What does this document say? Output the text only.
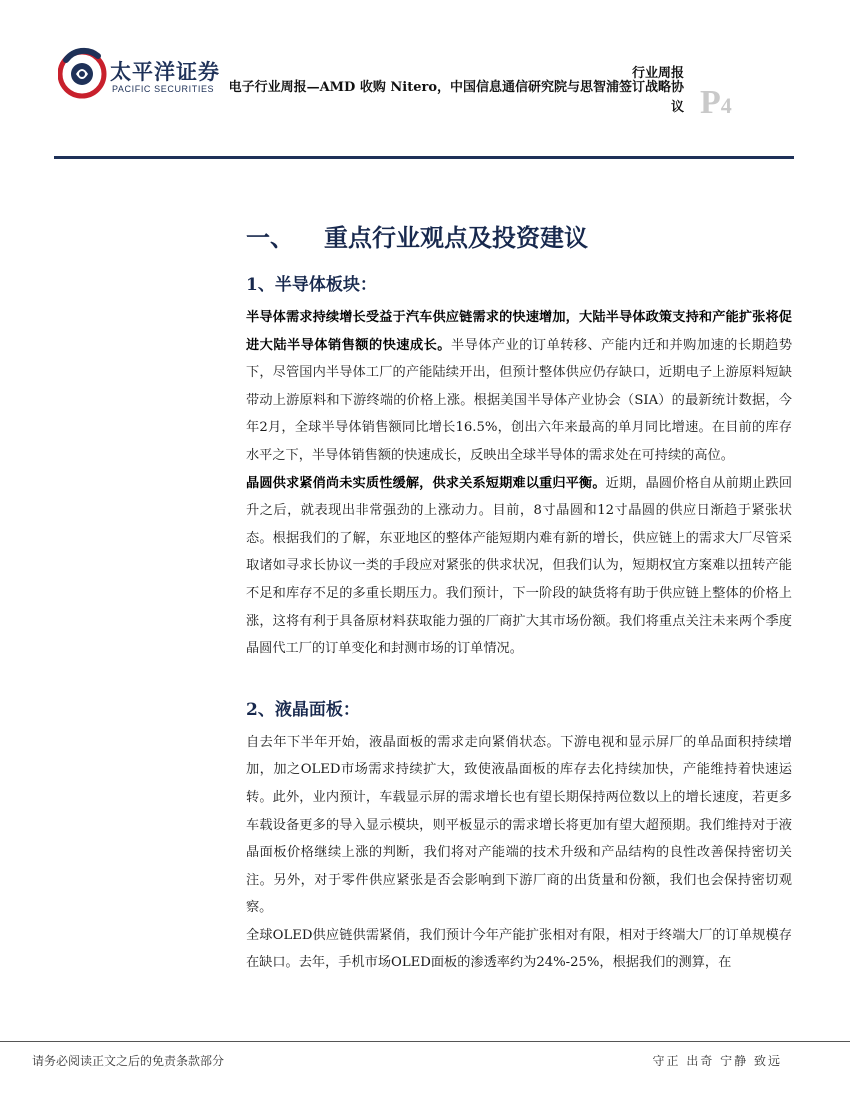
太平洋证券
PACIFIC SECURITIES
行业周报
电子行业周报—AMD 收购 Nitero，中国信息通信研究院与思智浦签订战略协议 P4
一、 重点行业观点及投资建议
1、半导体板块：

半导体需求持续增长受益于汽车供应链需求的快速增加，大陆半导体政策支持和产能扩张将促进大陆半导体销售额的快速成长。半导体产业的订单转移、产能内迁和并购加速的长期趋势下，尽管国内半导体工厂的产能陆续开出，但预计整体供应仍存缺口，近期电子上游原料短缺带动上游原料和下游终端的价格上涨。根据美国半导体产业协会（SIA）的最新统计数据，今年2月，全球半导体销售额同比增长16.5%，创出六年来最高的单月同比增速。在目前的库存水平之下，半导体销售额的快速成长，反映出全球半导体的需求处在可持续的高位。

晶圆供求紧俏尚未实质性缓解，供求关系短期难以重归平衡。近期，晶圆价格自从前期止跌回升之后，就表现出非常强劲的上涨动力。目前，8寸晶圆和12寸晶圆的供应日渐趋于紧张状态。根据我们的了解，东亚地区的整体产能短期内难有新的增长，供应链上的需求大厂尽管采取诸如寻求长协议一类的手段应对紧张的供求状况，但我们认为，短期权宜方案难以扭转产能不足和库存不足的多重长期压力。我们预计，下一阶段的缺货将有助于供应链上整体的价格上涨，这将有利于具备原材料获取能力强的厂商扩大其市场份额。我们将重点关注未来两个季度晶圆代工厂的订单变化和封测市场的订单情况。

2、液晶面板：

自去年下半年开始，液晶面板的需求走向紧俏状态。下游电视和显示屏厂的单品面积持续增加，加之OLED市场需求持续扩大，致使液晶面板的库存去化持续加快，产能维持着快速运转。此外，业内预计，车载显示屏的需求增长也有望长期保持两位数以上的增长速度，若更多车载设备更多的导入显示模块，则平板显示的需求增长将更加有望大超预期。我们维持对于液晶面板价格继续上涨的判断，我们将对产能端的技术升级和产品结构的良性改善保持密切关注。另外，对于零件供应紧张是否会影响到下游厂商的出货量和份额，我们也会保持密切观察。

全球OLED供应链供需紧俏，我们预计今年产能扩张相对有限，相对于终端大厂的订单规模存在缺口。去年，手机市场OLED面板的渗透率约为24%-25%，根据我们的测算，在

请务必阅读正文之后的免责条款部分	守正 出奇 宁静 致远
